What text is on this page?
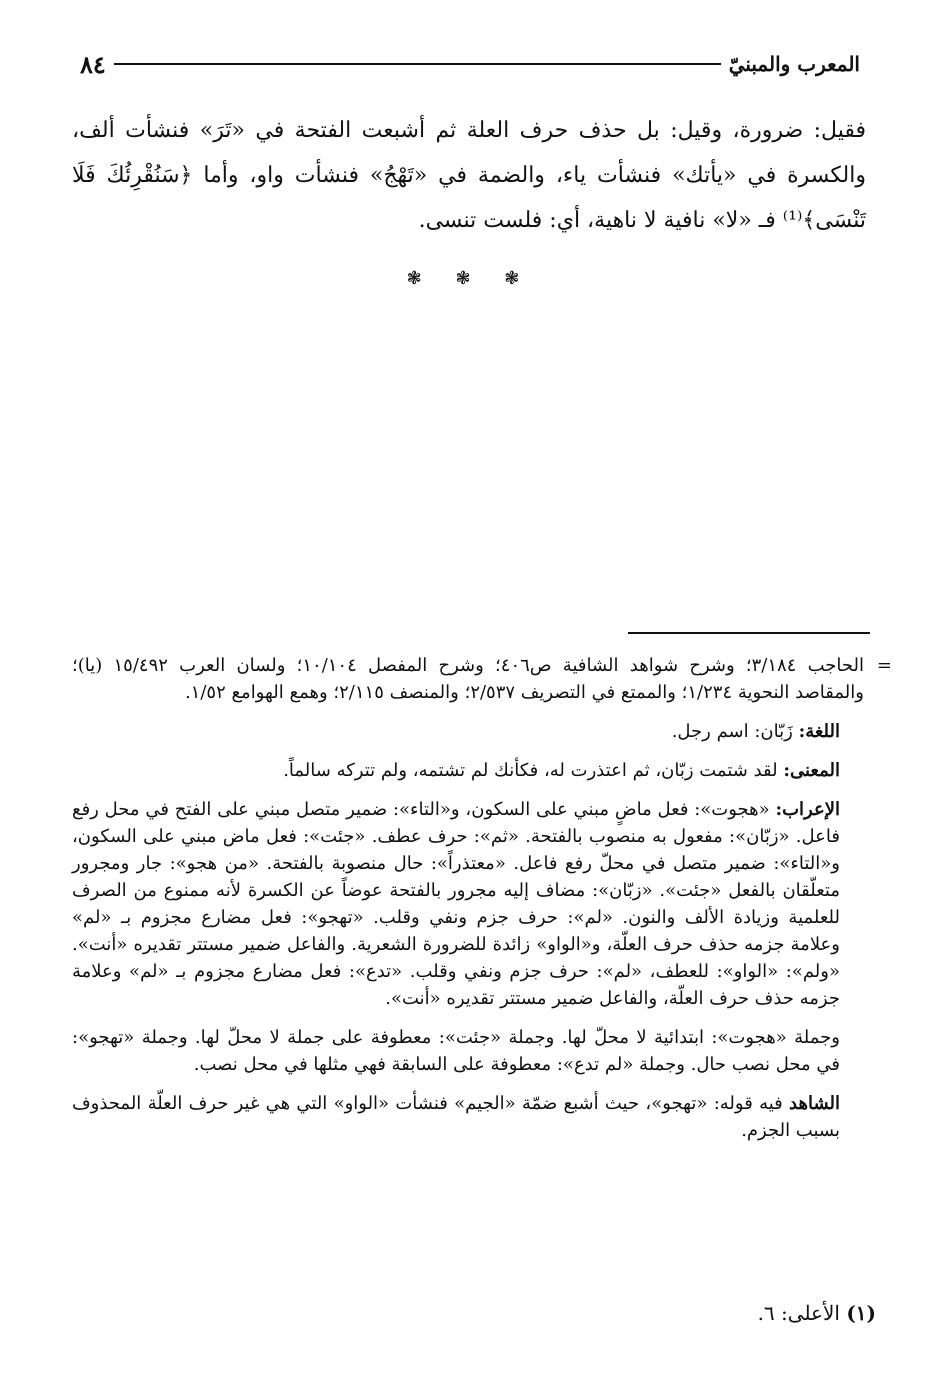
المعرب والمبنيّ
٨٤

فقيل: ضرورة، وقيل: بل حذف حرف العلة ثم أشبعت الفتحة في «تَرَ» فنشأت ألف، والكسرة في «يأتك» فنشأت ياء، والضمة في «تَهْجُ» فنشأت واو، وأما ﴿سَنُقْرِئُكَ فَلَا تَنْسَى﴾⁽¹⁾ فـ «لا» نافية لا ناهية، أي: فلست تنسى.

❃ ❃ ❃

=
الحاجب ٣/١٨٤؛ وشرح شواهد الشافية ص٤٠٦؛ وشرح المفصل ١٠/١٠٤؛ ولسان العرب ١٥/٤٩٢ (يا)؛ والمقاصد النحوية ١/٢٣٤؛ والممتع في التصريف ٢/٥٣٧؛ والمنصف ٢/١١٥؛ وهمع الهوامع ١/٥٢.

اللغة: زَبّان: اسم رجل.

المعنى: لقد شتمت زبّان، ثم اعتذرت له، فكأنك لم تشتمه، ولم تتركه سالماً.

الإعراب: «هجوت»: فعل ماضٍ مبني على السكون، و«التاء»: ضمير متصل مبني على الفتح في محل رفع فاعل. «زبّان»: مفعول به منصوب بالفتحة. «ثم»: حرف عطف. «جئت»: فعل ماض مبني على السكون، و«التاء»: ضمير متصل في محلّ رفع فاعل. «معتذراً»: حال منصوبة بالفتحة. «من هجو»: جار ومجرور متعلّقان بالفعل «جئت». «زبّان»: مضاف إليه مجرور بالفتحة عوضاً عن الكسرة لأنه ممنوع من الصرف للعلمية وزيادة الألف والنون. «لم»: حرف جزم ونفي وقلب. «تهجو»: فعل مضارع مجزوم بـ «لم» وعلامة جزمه حذف حرف العلّة، و«الواو» زائدة للضرورة الشعرية. والفاعل ضمير مستتر تقديره «أنت». «ولم»: «الواو»: للعطف، «لم»: حرف جزم ونفي وقلب. «تدع»: فعل مضارع مجزوم بـ «لم» وعلامة جزمه حذف حرف العلّة، والفاعل ضمير مستتر تقديره «أنت».

وجملة «هجوت»: ابتدائية لا محلّ لها. وجملة «جئت»: معطوفة على جملة لا محلّ لها. وجملة «تهجو»: في محل نصب حال. وجملة «لم تدع»: معطوفة على السابقة فهي مثلها في محل نصب.

الشاهد فيه قوله: «تهجو»، حيث أشبع ضمّة «الجيم» فنشأت «الواو» التي هي غير حرف العلّة المحذوف بسبب الجزم.

(١) الأعلى: ٦.
